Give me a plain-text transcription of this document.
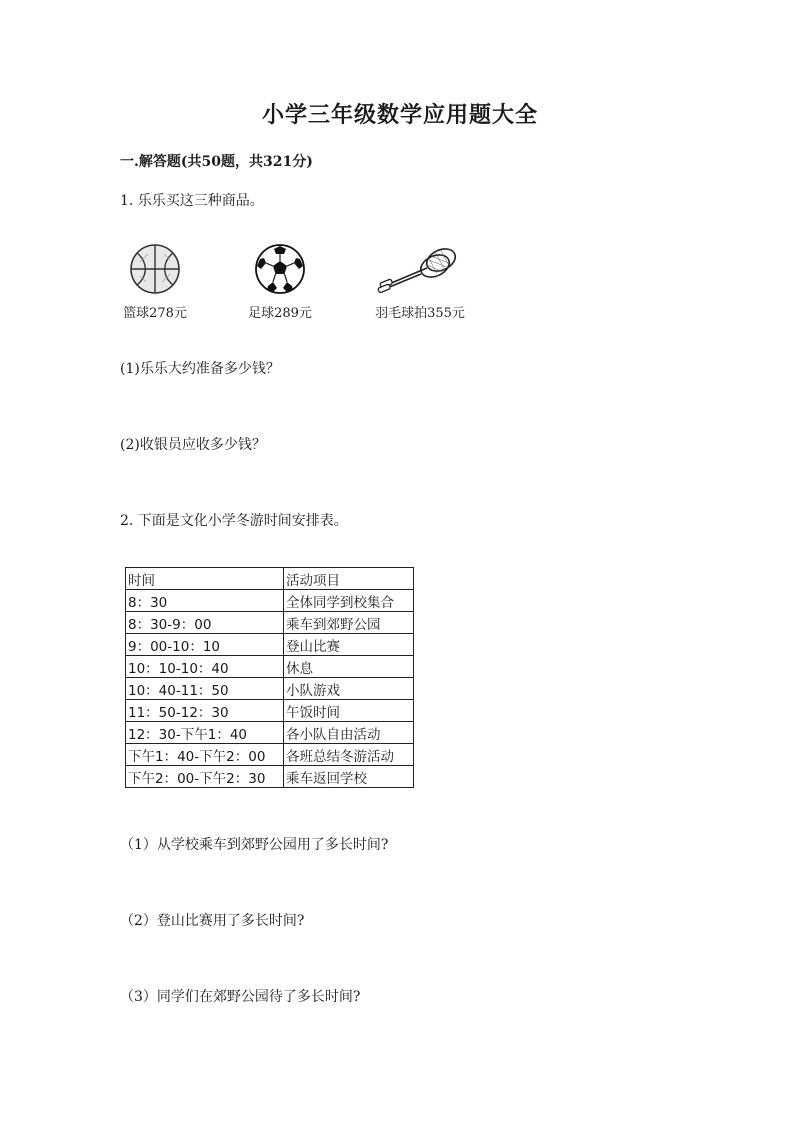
小学三年级数学应用题大全
一.解答题(共50题，共321分)
1. 乐乐买这三种商品。
篮球278元	足球289元	羽毛球拍355元
(1)乐乐大约准备多少钱？
(2)收银员应收多少钱？
2. 下面是文化小学冬游时间安排表。
时间	活动项目
8：30	全体同学到校集合
8：30-9：00	乘车到郊野公园
9：00-10：10	登山比赛
10：10-10：40	休息
10：40-11：50	小队游戏
11：50-12：30	午饭时间
12：30-下午1：40	各小队自由活动
下午1：40-下午2：00	各班总结冬游活动
下午2：00-下午2：30	乘车返回学校
（1）从学校乘车到郊野公园用了多长时间?
（2）登山比赛用了多长时间?
（3）同学们在郊野公园待了多长时间?
